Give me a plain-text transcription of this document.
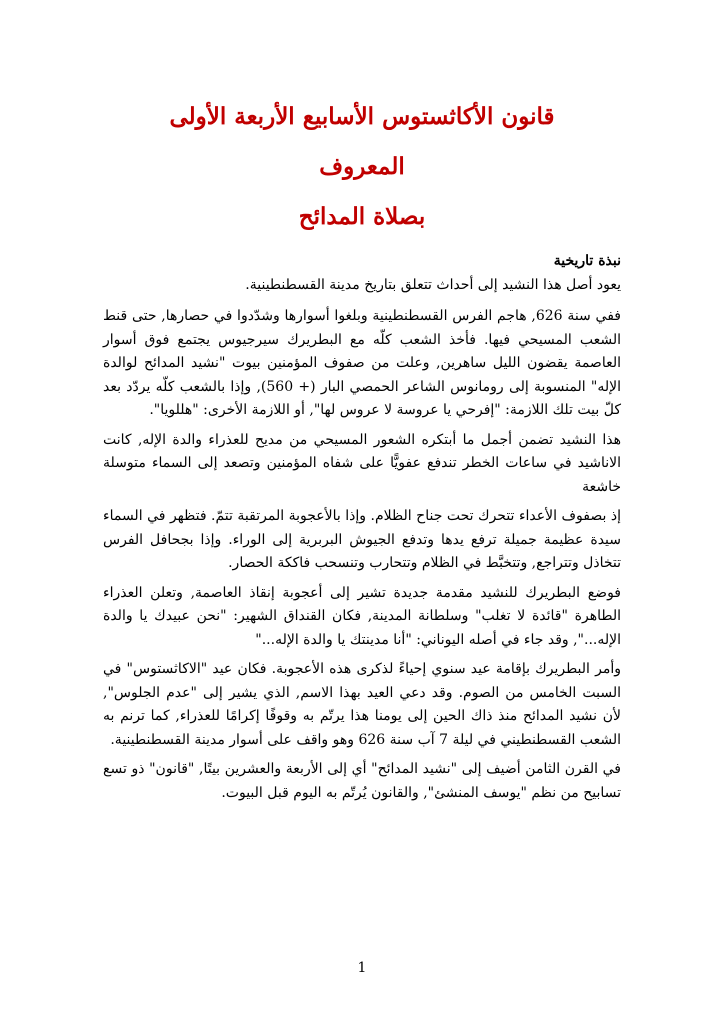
قانون الأكاثستوس الأسابيع الأربعة الأولى
المعروف
بصلاة المدائح

نبذة تاريخية

يعود أصل هذا النشيد إلى أحداث تتعلق بتاريخ مدينة القسطنطينية.

ففي سنة 626, هاجم الفرس القسطنطينية وبلغوا أسوارها وشدّدوا في حصارها, حتى قنط الشعب المسيحي فيها. فأخذ الشعب كلّه مع البطريرك سيرجيوس يجتمع فوق أسوار العاصمة يقضون الليل ساهرين, وعلت من صفوف المؤمنين بيوت "نشيد المدائح لوالدة الإله" المنسوبة إلى رومانوس الشاعر الحمصي البار (+ 560), وإذا بالشعب كلّه يردّد بعد كلّ بيت تلك اللازمة: "إفرحي يا عروسة لا عروس لها", أو اللازمة الأخرى: "هللويا".

هذا النشيد تضمن أجمل ما أبتكره الشعور المسيحي من مديح للعذراء والدة الإله, كانت الاناشيد في ساعات الخطر تندفع عفويًّا على شفاه المؤمنين وتصعد إلى السماء متوسلة خاشعة

إذ بصفوف الأعداء تتحرك تحت جناح الظلام. وإذا بالأعجوبة المرتقبة تتمّ. فتظهر في السماء سيدة عظيمة جميلة ترفع يدها وتدفع الجيوش البربرية إلى الوراء. وإذا بجحافل الفرس تتخاذل وتتراجع, وتتخبَّط في الظلام وتتحارب وتنسحب فاككة الحصار.

فوضع البطريرك للنشيد مقدمة جديدة تشير إلى أعجوبة إنقاذ العاصمة, وتعلن العذراء الطاهرة "قائدة لا تغلب" وسلطانة المدينة, فكان القنداق الشهير: "نحن عبيدك يا والدة الإله...", وقد جاء في أصله اليوناني: "أنا مدينتك يا والدة الإله..."

وأمر البطريرك بإقامة عيد سنوي إحياءً لذكرى هذه الأعجوبة. فكان عيد "الاكاثستوس" في السبت الخامس من الصوم. وقد دعي العيد بهذا الاسم, الذي يشير إلى "عدم الجلوس", لأن نشيد المدائح منذ ذاك الحين إلى يومنا هذا يرتّم به وقوفًا إكرامًا للعذراء, كما ترنم به الشعب القسطنطيني في ليلة 7 آب سنة 626 وهو واقف على أسوار مدينة القسطنطينية.

في القرن الثامن أضيف إلى "نشيد المدائح" أي إلى الأربعة والعشرين بيتًا, "قانون" ذو تسع تسابيح من نظم "يوسف المنشئ", والقانون يُرتّم به اليوم قبل البيوت.

1
